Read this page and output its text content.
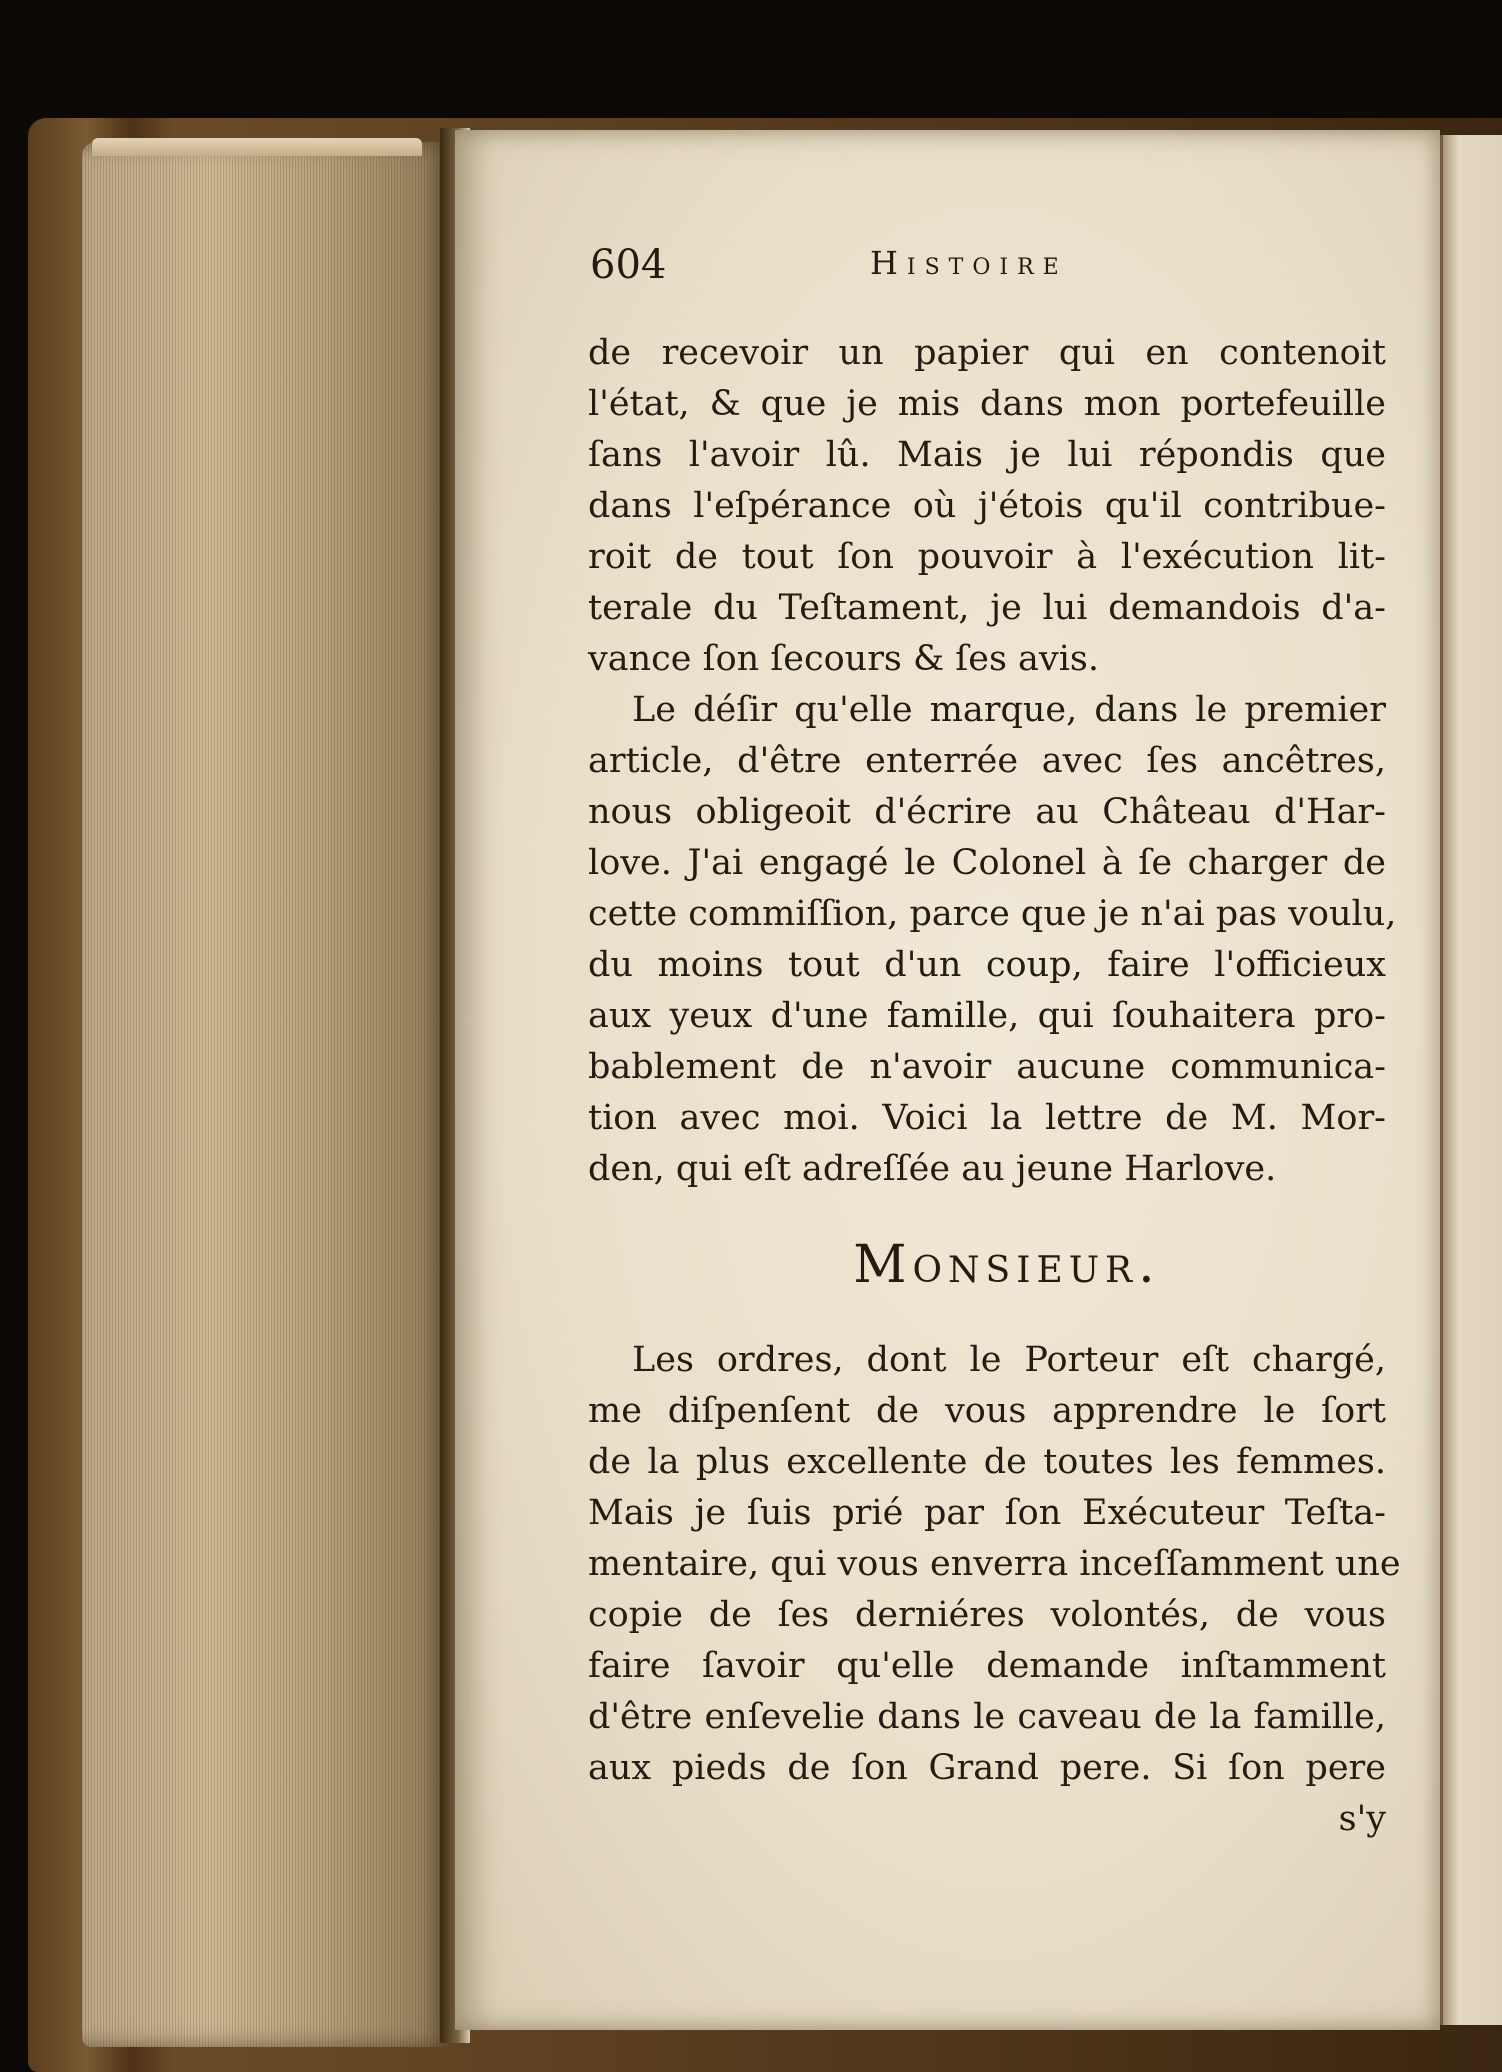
604	Histoire
de recevoir un papier qui en contenoit
l'état, & que je mis dans mon portefeuille
ſans l'avoir lû. Mais je lui répondis que
dans l'eſpérance où j'étois qu'il contribue-
roit de tout ſon pouvoir à l'exécution lit-
terale du Teſtament, je lui demandois d'a-
vance ſon ſecours & ſes avis.
Le déſir qu'elle marque, dans le premier
article, d'être enterrée avec ſes ancêtres,
nous obligeoit d'écrire au Château d'Har-
love. J'ai engagé le Colonel à ſe charger de
cette commiſſion, parce que je n'ai pas voulu,
du moins tout d'un coup, faire l'officieux
aux yeux d'une famille, qui ſouhaitera pro-
bablement de n'avoir aucune communica-
tion avec moi. Voici la lettre de M. Mor-
den, qui eſt adreſſée au jeune Harlove.
Monsieur.
Les ordres, dont le Porteur eſt chargé,
me diſpenſent de vous apprendre le ſort
de la plus excellente de toutes les femmes.
Mais je ſuis prié par ſon Exécuteur Teſta-
mentaire, qui vous enverra inceſſamment une
copie de ſes derniéres volontés, de vous
faire ſavoir qu'elle demande inſtamment
d'être enſevelie dans le caveau de la famille,
aux pieds de ſon Grand pere. Si ſon pere
s'y
